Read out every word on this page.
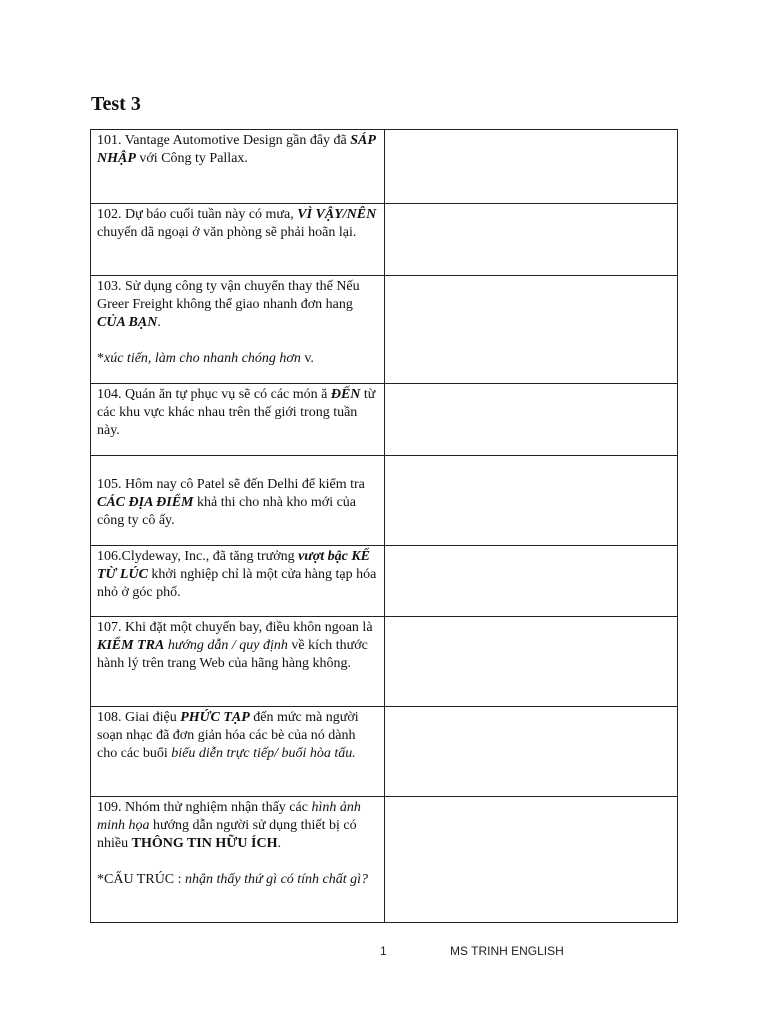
Test 3
101. Vantage Automotive Design gần đây đã SÁP NHẬP với Công ty Pallax.	

102. Dự báo cuối tuần này có mưa, VÌ VẬY/NÊN chuyến dã ngoại ở văn phòng sẽ phải hoãn lại.	

103. Sử dụng công ty vận chuyển thay thế Nếu Greer Freight không thể giao nhanh đơn hang CỦA BẠN.
*xúc tiến, làm cho nhanh chóng hơn v.	

104. Quán ăn tự phục vụ sẽ có các món ă ĐẾN từ các khu vực khác nhau trên thế giới trong tuần này.	

105. Hôm nay cô Patel sẽ đến Delhi để kiểm tra CÁC ĐỊA ĐIỂM khả thi cho nhà kho mới của công ty cô ấy.	

106.Clydeway, Inc., đã tăng trưởng vượt bậc KỂ TỪ LÚC khởi nghiệp chỉ là một cửa hàng tạp hóa nhỏ ở góc phố.	

107. Khi đặt một chuyến bay, điều khôn ngoan là KIỂM TRA hướng dẫn / quy định về kích thước hành lý trên trang Web của hãng hàng không.	

108. Giai điệu PHỨC TẠP đến mức mà người soạn nhạc đã đơn giản hóa các bè của nó dành cho các buổi biểu diễn trực tiếp/ buổi hòa tấu.	

109. Nhóm thử nghiệm nhận thấy các hình ảnh minh họa hướng dẫn người sử dụng thiết bị có nhiều THÔNG TIN HỮU ÍCH.
*CẤU TRÚC : nhận thấy thứ gì có tính chất gì?	

1	MS TRINH ENGLISH
